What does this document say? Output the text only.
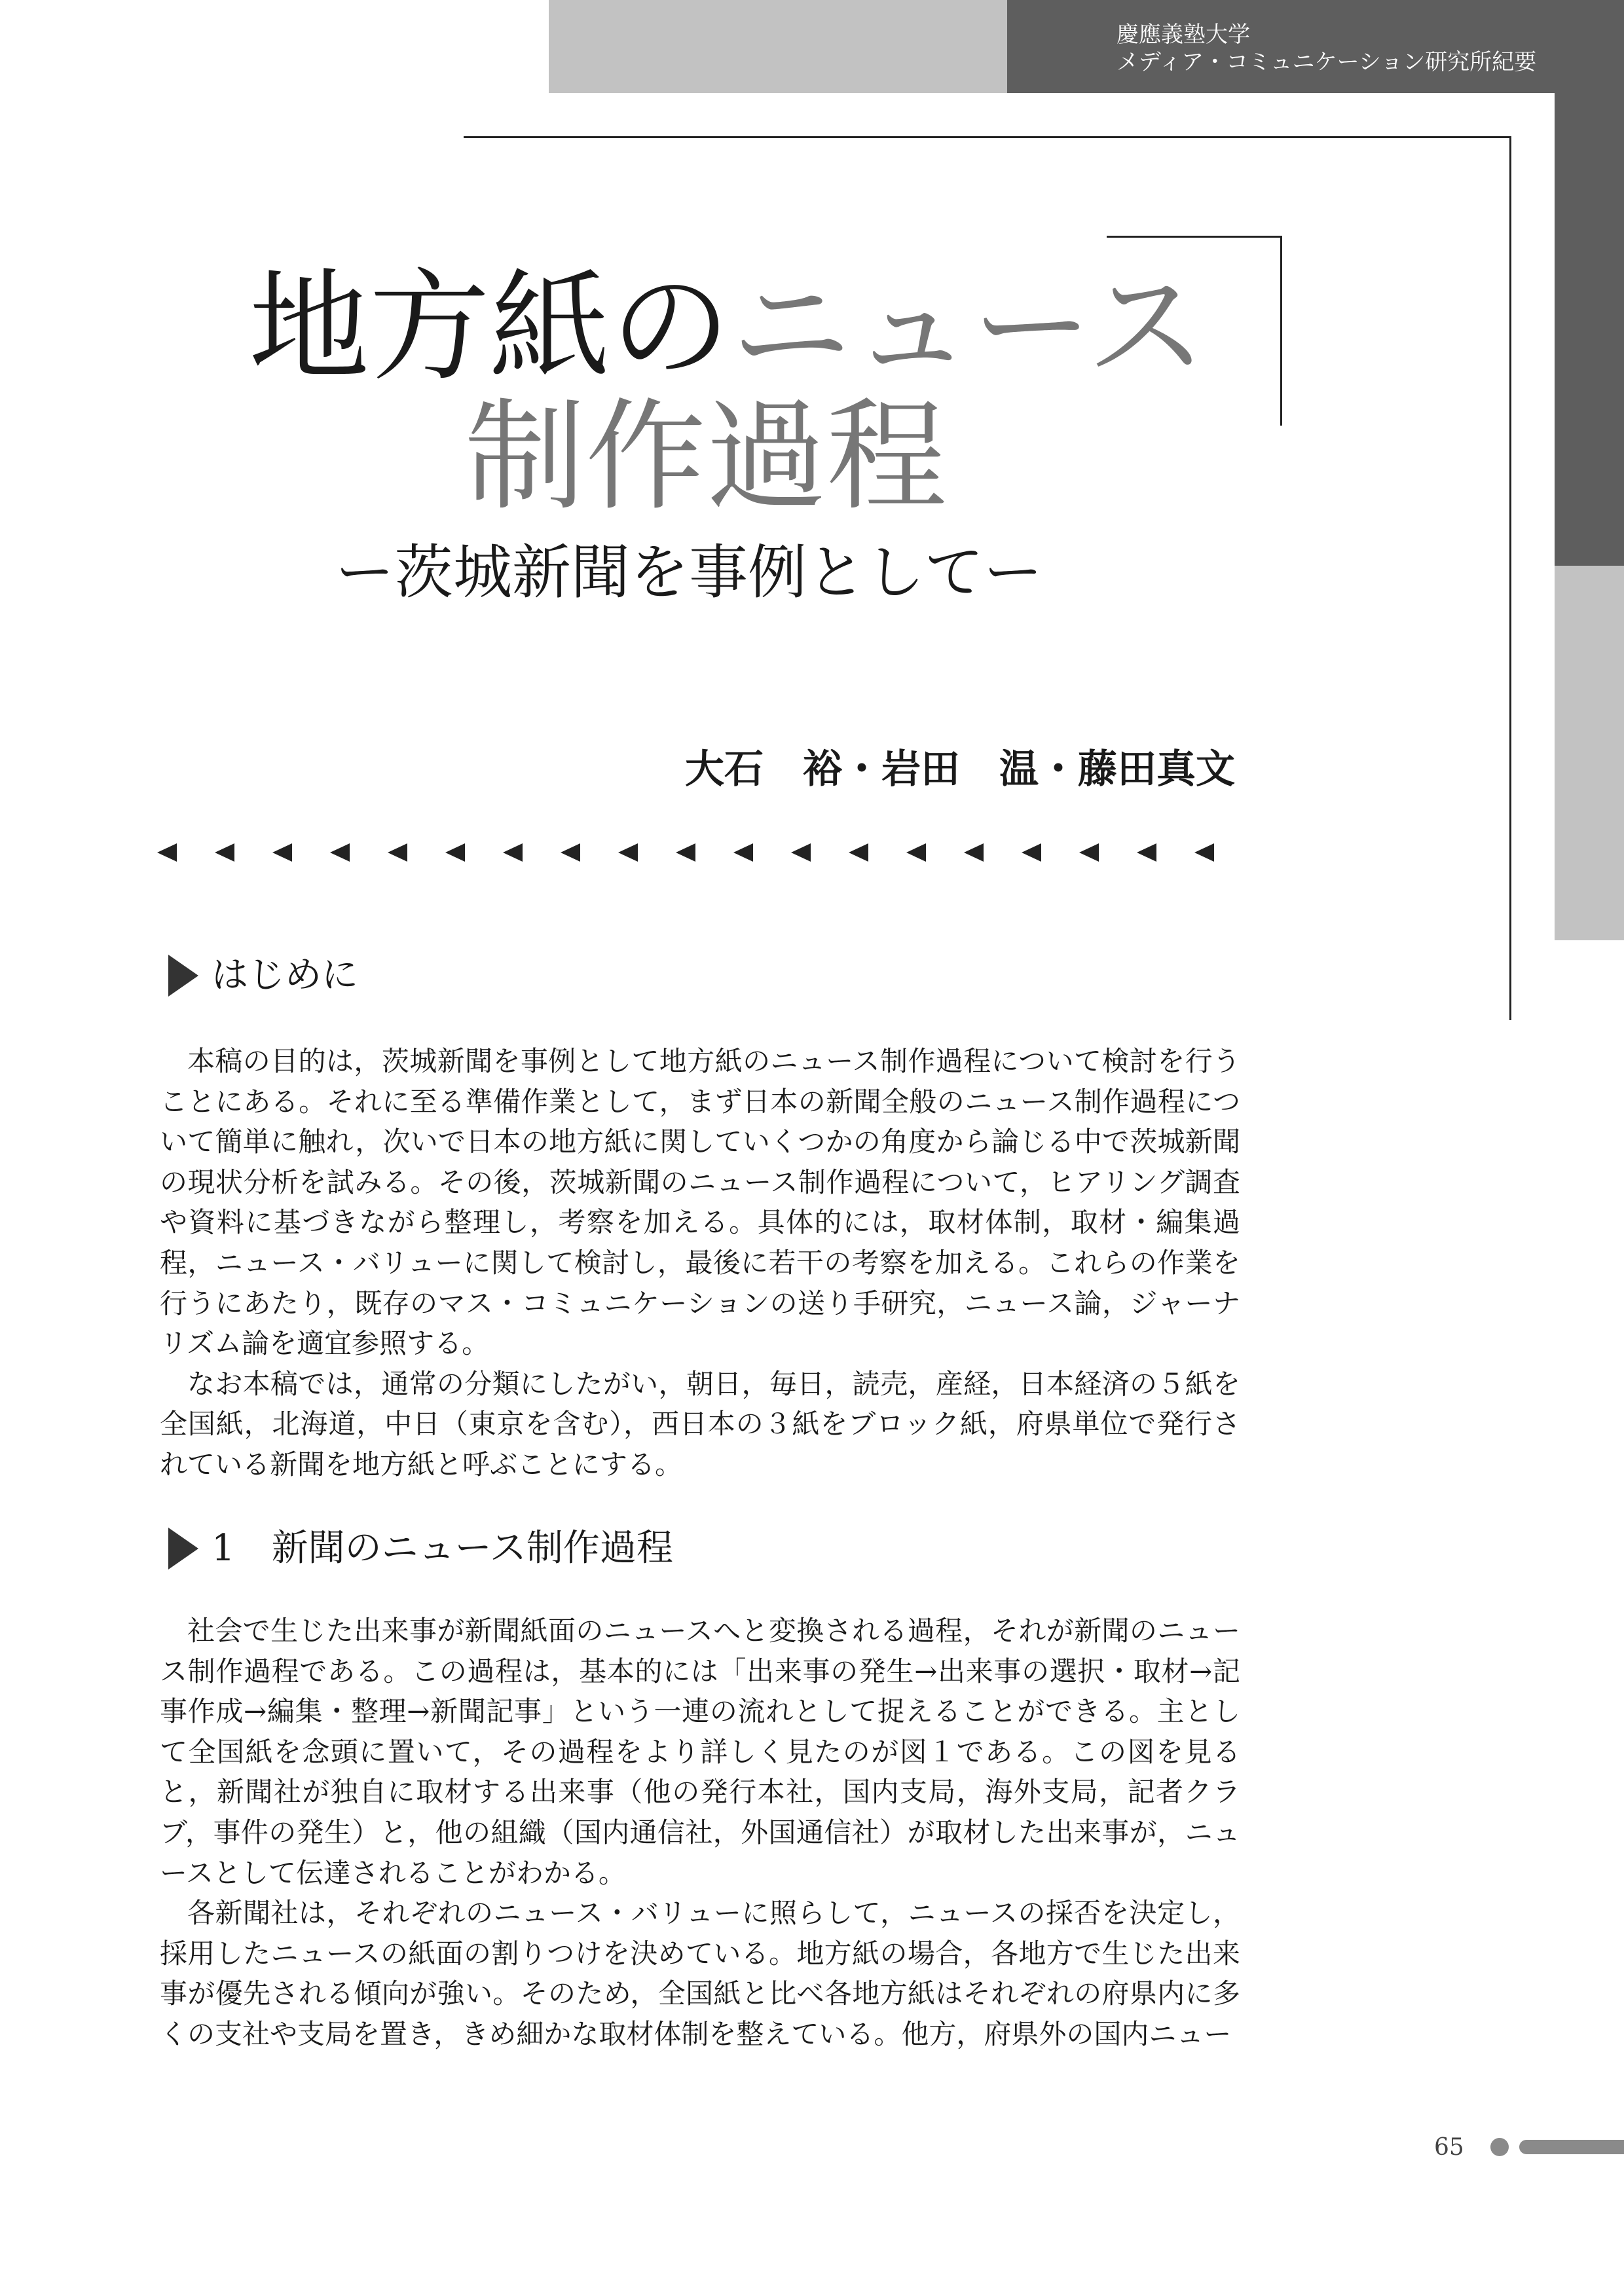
慶應義塾大学
メディア・コミュニケーション研究所紀要
地方紙のニュース
制作過程
ー茨城新聞を事例としてー
大石　裕・岩田　温・藤田真文
はじめに

本稿の目的は，茨城新聞を事例として地方紙のニュース制作過程について検討を行うことにある。それに至る準備作業として，まず日本の新聞全般のニュース制作過程について簡単に触れ，次いで日本の地方紙に関していくつかの角度から論じる中で茨城新聞の現状分析を試みる。その後，茨城新聞のニュース制作過程について，ヒアリング調査や資料に基づきながら整理し，考察を加える。具体的には，取材体制，取材・編集過程，ニュース・バリューに関して検討し，最後に若干の考察を加える。これらの作業を行うにあたり，既存のマス・コミュニケーションの送り手研究，ニュース論，ジャーナリズム論を適宜参照する。

なお本稿では，通常の分類にしたがい，朝日，毎日，読売，産経，日本経済の５紙を全国紙，北海道，中日（東京を含む），西日本の３紙をブロック紙，府県単位で発行されている新聞を地方紙と呼ぶことにする。

1 新聞のニュース制作過程

社会で生じた出来事が新聞紙面のニュースへと変換される過程，それが新聞のニュース制作過程である。この過程は，基本的には「出来事の発生→出来事の選択・取材→記事作成→編集・整理→新聞記事」という一連の流れとして捉えることができる。主として全国紙を念頭に置いて，その過程をより詳しく見たのが図１である。この図を見ると，新聞社が独自に取材する出来事（他の発行本社，国内支局，海外支局，記者クラブ，事件の発生）と，他の組織（国内通信社，外国通信社）が取材した出来事が，ニュースとして伝達されることがわかる。

各新聞社は，それぞれのニュース・バリューに照らして，ニュースの採否を決定し，採用したニュースの紙面の割りつけを決めている。地方紙の場合，各地方で生じた出来事が優先される傾向が強い。そのため，全国紙と比べ各地方紙はそれぞれの府県内に多くの支社や支局を置き，きめ細かな取材体制を整えている。他方，府県外の国内ニュー

65
